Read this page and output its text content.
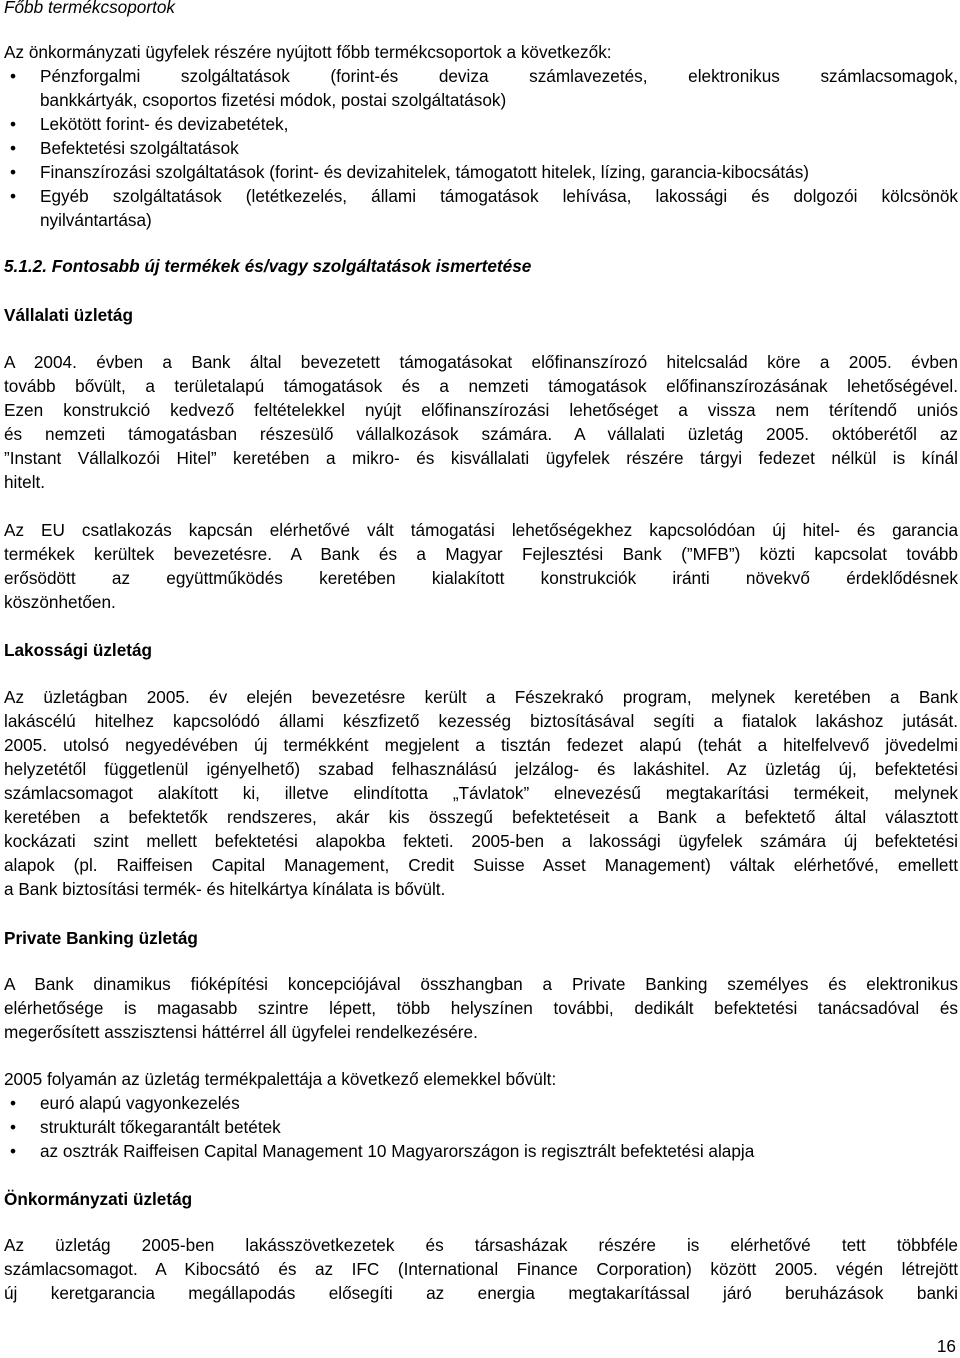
Főbb termékcsoportok

Az önkormányzati ügyfelek részére nyújtott főbb termékcsoportok a következők:

• Pénzforgalmi szolgáltatások (forint-és deviza számlavezetés, elektronikus számlacsomagok,
bankkártyák, csoportos fizetési módok, postai szolgáltatások)
• Lekötött forint- és devizabetétek,
• Befektetési szolgáltatások
• Finanszírozási szolgáltatások (forint- és devizahitelek, támogatott hitelek, lízing, garancia-kibocsátás)
• Egyéb szolgáltatások (letétkezelés, állami támogatások lehívása, lakossági és dolgozói kölcsönök
nyilvántartása)

5.1.2. Fontosabb új termékek és/vagy szolgáltatások ismertetése

Vállalati üzletág

A 2004. évben a Bank által bevezetett támogatásokat előfinanszírozó hitelcsalád köre a 2005. évben
tovább bővült, a területalapú támogatások és a nemzeti támogatások előfinanszírozásának lehetőségével.
Ezen konstrukció kedvező feltételekkel nyújt előfinanszírozási lehetőséget a vissza nem térítendő uniós
és nemzeti támogatásban részesülő vállalkozások számára. A vállalati üzletág 2005. októberétől az
”Instant Vállalkozói Hitel” keretében a mikro- és kisvállalati ügyfelek részére tárgyi fedezet nélkül is kínál
hitelt.
Az EU csatlakozás kapcsán elérhetővé vált támogatási lehetőségekhez kapcsolódóan új hitel- és garancia
termékek kerültek bevezetésre. A Bank és a Magyar Fejlesztési Bank (”MFB”) közti kapcsolat tovább
erősödött az együttműködés keretében kialakított konstrukciók iránti növekvő érdeklődésnek
köszönhetően.

Lakossági üzletág

Az üzletágban 2005. év elején bevezetésre került a Fészekrakó program, melynek keretében a Bank
lakáscélú hitelhez kapcsolódó állami készfizető kezesség biztosításával segíti a fiatalok lakáshoz jutását.
2005. utolsó negyedévében új termékként megjelent a tisztán fedezet alapú (tehát a hitelfelvevő jövedelmi
helyzetétől függetlenül igényelhető) szabad felhasználású jelzálog- és lakáshitel. Az üzletág új, befektetési
számlacsomagot alakított ki, illetve elindította „Távlatok” elnevezésű megtakarítási termékeit, melynek
keretében a befektetők rendszeres, akár kis összegű befektetéseit a Bank a befektető által választott
kockázati szint mellett befektetési alapokba fekteti. 2005-ben a lakossági ügyfelek számára új befektetési
alapok (pl. Raiffeisen Capital Management, Credit Suisse Asset Management) váltak elérhetővé, emellett
a Bank biztosítási termék- és hitelkártya kínálata is bővült.

Private Banking üzletág

A Bank dinamikus fióképítési koncepciójával összhangban a Private Banking személyes és elektronikus
elérhetősége is magasabb szintre lépett, több helyszínen további, dedikált befektetési tanácsadóval és
megerősített asszisztensi háttérrel áll ügyfelei rendelkezésére.

2005 folyamán az üzletág termékpalettája a következő elemekkel bővült:

• euró alapú vagyonkezelés
• strukturált tőkegarantált betétek
• az osztrák Raiffeisen Capital Management 10 Magyarországon is regisztrált befektetési alapja

Önkormányzati üzletág

Az üzletág 2005-ben lakásszövetkezetek és társasházak részére is elérhetővé tett többféle
számlacsomagot. A Kibocsátó és az IFC (International Finance Corporation) között 2005. végén létrejött
új keretgarancia megállapodás elősegíti az energia megtakarítással járó beruházások banki
16
